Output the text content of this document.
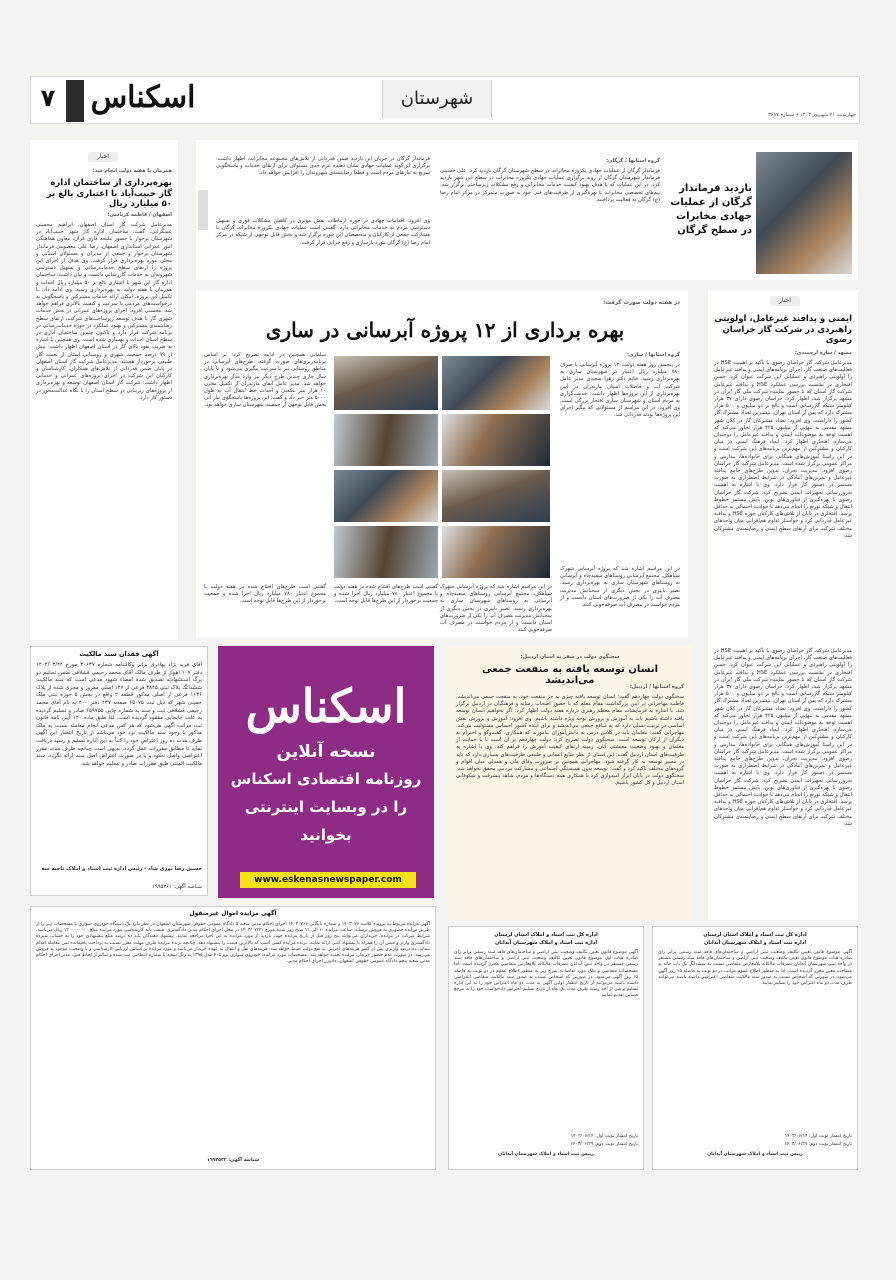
۷ اسکناس	شهرستان
چهارشنبه ۲۱ شهریور ۱۴۰۳ • شماره ۳۶۸۷
بازدید فرماندار گرگان از عملیات جهادی مخابرات در سطح گرگان
گروه استانها / گرگان:
فرماندار گرگان از عملیات جهادی یکروزه مخابرات در سطح شهرستان گرگان بازدید کرد. علی حسینی فرماندار شهرستان گرگان از روند برگزاری عملیات جهادی یکروزه مخابرات در سطح این شهر بازدید کرد. در این عملیات که با هدف بهبود کیفیت خدمات مخابراتی و رفع مشکلات زیرساختی برگزار شد، تیم‌های تخصصی مخابرات با بهره‌گیری از ظرفیت‌های فنی خود به صورت متمرکز در مرکز امام رضا (ع) گرگان به فعالیت پرداختند.
فرماندار گرگان در جریان این بازدید ضمن قدردانی از تلاش‌های مجموعه مخابرات، اظهار داشت: برگزاری این‌گونه عملیات جهادی نشان دهنده عزم جدی مسئولان برای ارتقای خدمات و پاسخگویی سریع به نیازهای مردم است و قطعا رضایتمندی شهروندان را افزایش خواهد داد.
وی افزود: اقدامات جهادی در حوزه ارتباطات نقش مؤثری در کاهش مشکلات فوری و تسهیل دسترسی مردم به خدمات مخابراتی دارد. گفتنی است عملیات جهادی یکروزه مخابرات گرگان با مشارکت جمعی از کارکنان و متخصصان این حوزه برگزار شد و بخش قابل توجهی از شبکه در مرکز امام رضا (ع) گرگان مورد بازسازی و رفع خرابی قرار گرفت.
اخبار
همزمان با هفته دولت انجام شد:
بهره‌برداری از ساختمان اداره گاز حبیب‌آباد با اعتباری بالغ بر ۵۰ میلیارد ریال
اصفهان / فاطمه کرباسی:
مدیرعامل شرکت گاز استان اصفهان، ابراهیم محسنی عسگرانی، گفت: ساختمان اداره گاز شهر حبیب‌آباد در شهرستان برخوار با حضور ملیحه قاری قرآن، معاون هماهنگی امور عمرانی استانداری اصفهان، رضا علی معصومی فرماندار شهرستان برخوار و جمعی از مدیران و مسئولان استانی و محلی مورد بهره‌برداری قرار گرفت. وی هدف از اجرای این پروژه را ارتقای سطح خدمات‌رسانی و تسهیل دسترسی شهروندان به خدمات گازرسانی دانست و بیان داشت: ساختمان اداره گاز این شهر با اعتباری بالغ بر ۵۰ میلیارد ریال احداث و هم‌زمان با هفته دولت به بهره‌برداری رسید. وی ادامه داد: با تکمیل این پروژه، امکان ارائه خدمات مشترکین و پاسخگویی به درخواست‌های مردمی با سرعت و کیفیت بالاتری فراهم خواهد شد. محسنی افزود: اجرای پروژه‌های عمرانی در بخش خدمات شهری گاز با هدف توسعه زیرساخت‌های شرکت، ارتقای سطح رضایتمندی مشترکین و بهبود عملکرد در حوزه خدمات‌رسانی در برنامه شرکت قرار دارد و تاکنون چندین ساختمان اداری در سطح استان احداث و بهسازی شده است. وی همچنین با اشاره به ضریب نفوذ بالای گاز در استان اصفهان اظهار داشت: بیش از ۹۹ درصد جمعیت شهری و روستایی استان از نعمت گاز طبیعی برخوردار هستند. مدیرعامل شرکت گاز استان اصفهان در پایان ضمن قدردانی از تلاش‌های همکاران، کارشناسان و کارکنان این شرکت در اجرای پروژه‌های عمرانی و خدماتی اظهار داشت: شرکت گاز استان اصفهان توسعه و بهره‌برداری از پروژه‌های زیربنایی در سطح استان را با نگاه عدالت‌محور در دستور کار دارد.
اخبار
ایمنی و پدافند غیرعامل، اولویتی راهبردی در شرکت گاز خراسان رضوی
مشهد / ساره ارجمندی:
مدیرعامل شرکت گاز خراسان رضوی با تأکید بر اهمیت HSE در فعالیت‌های صنعت گاز، اجرای برنامه‌های ایمنی و پدافند غیرعامل را اولویتی راهبردی و عملیاتی این شرکت عنوان کرد. حسن افتخاری در نشست بررسی عملکرد HSE و پدافند غیرعامل شرکت گاز استان که با حضور نماینده شرکت ملی گاز ایران در مشهد برگزار شد، اظهار کرد: خراسان رضوی دارای ۳۷ هزار کیلومتر شبکه گازرسانی است و بالغ بر دو میلیون و ۵۰۰ هزار مشترک دارد که پس از استان تهران، بیشترین تعداد مشترک گاز کشور را داراست. وی افزود: تعداد مشترکان گاز در کلان شهر مشهد مقدس به تنهایی از میلیون ۳۲۵ هزار تجاوز می‌کند که اهمیت توجه به موضوعات ایمنی و پدافند غیرعامل را دوچندان می‌سازد. افتخاری اظهار کرد: ایجاد فرهنگ ایمنی در میان کارکنان و مشترکین از مهم‌ترین برنامه‌های این شرکت است و در این راستا آموزش‌های همگانی برای خانواده‌ها، مدارس و مراکز عمومی برگزار شده است. مدیرعامل شرکت گاز خراسان رضوی افزود: مدیریت بحران، تدوین طرح‌های جامع پدافند غیرعامل و تمرین‌های آمادگی در شرایط اضطراری به صورت مستمر در دستور کار قرار دارد. وی با اشاره به اهمیت به‌روزرسانی تجهیزات ایمنی تصریح کرد: شرکت گاز خراسان رضوی با بهره‌گیری از فناوری‌های نوین، پایش مستمر خطوط انتقال و شبکه توزیع را انجام می‌دهد تا حوادث احتمالی به حداقل برسد. افتخاری در پایان از تلاش‌های کارکنان حوزه HSE و پدافند غیرعامل قدردانی کرد و خواستار تداوم هم‌افزایی میان واحدهای مختلف شرکت برای ارتقای سطح ایمنی و رضایتمندی مشترکان شد.
مدیرعامل شرکت گاز خراسان رضوی با تأکید بر اهمیت HSE در فعالیت‌های صنعت گاز، اجرای برنامه‌های ایمنی و پدافند غیرعامل را اولویتی راهبردی و عملیاتی این شرکت عنوان کرد. حسن افتخاری در نشست بررسی عملکرد HSE و پدافند غیرعامل شرکت گاز استان که با حضور نماینده شرکت ملی گاز ایران در مشهد برگزار شد، اظهار کرد: خراسان رضوی دارای ۳۷ هزار کیلومتر شبکه گازرسانی است و بالغ بر دو میلیون و ۵۰۰ هزار مشترک دارد که پس از استان تهران، بیشترین تعداد مشترک گاز کشور را داراست. وی افزود: تعداد مشترکان گاز در کلان شهر مشهد مقدس به تنهایی از میلیون ۳۲۵ هزار تجاوز می‌کند که اهمیت توجه به موضوعات ایمنی و پدافند غیرعامل را دوچندان می‌سازد. افتخاری اظهار کرد: ایجاد فرهنگ ایمنی در میان کارکنان و مشترکین از مهم‌ترین برنامه‌های این شرکت است و در این راستا آموزش‌های همگانی برای خانواده‌ها، مدارس و مراکز عمومی برگزار شده است. مدیرعامل شرکت گاز خراسان رضوی افزود: مدیریت بحران، تدوین طرح‌های جامع پدافند غیرعامل و تمرین‌های آمادگی در شرایط اضطراری به صورت مستمر در دستور کار قرار دارد. وی با اشاره به اهمیت به‌روزرسانی تجهیزات ایمنی تصریح کرد: شرکت گاز خراسان رضوی با بهره‌گیری از فناوری‌های نوین، پایش مستمر خطوط انتقال و شبکه توزیع را انجام می‌دهد تا حوادث احتمالی به حداقل برسد. افتخاری در پایان از تلاش‌های کارکنان حوزه HSE و پدافند غیرعامل قدردانی کرد و خواستار تداوم هم‌افزایی میان واحدهای مختلف شرکت برای ارتقای سطح ایمنی و رضایتمندی مشترکان شد.
در هفته دولت صورت گرفت:
بهره برداری از ۱۲ پروژه آبرسانی در ساری
گروه استانها / ساری:
در پنجمین روز هفته دولت، ۱۲ پروژه آبرسانی با صرف ۷۸۰ میلیارد ریال اعتبار در شهرستان ساری به بهره‌برداری رسید. خانم دکتر زهرا سعیدی مدیر عامل شرکت آب و فاضلاب استان مازندران در آیین بهره‌برداری از این پروژه‌ها اظهار داشت: خدمت‌گزاری به مردم استان و شهرستان ساری افتخار بزرگی است. وی افزود: در این مراسم از مسئولانی که پیگیر اجرای این پروژه‌ها بودند قدردانی شد.
در این مراسم اشاره شد که پروژه آبرسانی شهرک سیاهکل، مجتمع آبرسانی روستاهای سفیدچاه و آبرسانی به روستاهای شهرستان ساری به بهره‌برداری رسید. نصیر باپیری در بخش دیگری از سخنانش مدیریت مصرف آب را یکی از ضرورت‌های استان دانست و از مردم خواست در مصرف آب صرفه‌جویی کنند.
سلمانی همچنین در ادامه تصریح کرد: بر اساس برنامه‌ریزی‌های صورت گرفته، طرح‌های آبرسانی در مناطق روستایی نیز با سرعت پیگیری می‌شود و تا پایان سال جاری چندین طرح دیگر نیز وارد مدار بهره‌برداری خواهد شد. مدیر عامل آبفای مازندران از تکمیل مخزن ۱۰ هزار متر مکعبی و احداث خط انتقال آب به طول ۵۰۰۰ متر خبر داد و گفت: این پروژه‌ها پاسخگوی نیاز آبی بخش قابل توجهی از جمعیت شهرستان ساری خواهد بود.
گفتنی است طرح‌های افتتاح شده در هفته دولت با مجموع اعتبار ۷۸۰ میلیارد ریال اجرا شده و جمعیت برخوردار از این طرح‌ها قابل توجه است.
در این مراسم اشاره شد که پروژه آبرسانی شهرک سیاهکل، مجتمع آبرسانی روستاهای سفیدچاه و آبرسانی به روستاهای شهرستان ساری به بهره‌برداری رسید. نصیر باپیری در بخش دیگری از سخنانش مدیریت مصرف آب را یکی از ضرورت‌های استان دانست و از مردم خواست در مصرف آب صرفه‌جویی کنند.
گفتنی است طرح‌های افتتاح شده در هفته دولت با مجموع اعتبار ۷۸۰ میلیارد ریال اجرا شده و جمعیت برخوردار از این طرح‌ها قابل توجه است.
آگهی فقدان سند مالکیت
آقای فرید نژاد بهادری برابر وکالتنامه شماره ۳۰۶۳۷ مورخ ۱۴۰۲/۰۳/۲۴ دفتر ۱۰۷ اهواز از طرف مالک آقای محمد رحیمی قشلاقی ضمن تسلیم دو برگ استشهادیه تصدیق شده امضاء شهود مدعی است که سند مالکیت ششدانگ پلاک ثبتی ۳۸۴۵ فرعی از ۱۴۷ اصلی مفروز و مجزی شده از پلاک ۱۱۳۶ فرعی از اصلی مذکور قطعه ۲ واقع در بخش ۵ حوزه ثبتی ملک خمینی شهر که ذیل ثبت ۶۵۰۷۵ صفحه ۴۳۷ دفتر ۴۰۰ به نام آقای محمد رحیمی قشلاقی ثبت و سند به شماره چاپی ۶۵۹۷۵۵ صادر و تسلیم گردیده به علت جابجایی مفقود گردیده است. لذا طبق ماده ۱۲۰ آیین نامه قانون ثبت مراتب آگهی می‌شود که هر کس مدعی انجام معامله نسبت به ملک مذکور یا وجود سند مالکیت نزد خود می‌باشد از تاریخ انتشار این آگهی ظرف مدت ده روز اعتراض خود را کتباً به این اداره تسلیم و رسید دریافت نماید تا مطابق مقررات عمل گردد. بدیهی است چنانچه ظرف مدت مقرر اعتراضی واصل نشود و یا در صورت اعتراض اصل سند ارائه نگردد، سند مالکیت المثنی طبق مقررات صادر و تسلیم خواهد شد.
حسین رضا توری شاد - رئیس اداره ثبت اسناد و املاک ناحیه سه
شناسه آگهی: ۱۹۹۵۳۶۱
اسکناس
نسخه آنلاین
روزنامه اقتصادی اسکناس
را در وبسایت اینترنتی
بخوانید
www.eskenasnewspaper.com
سخنگوی دولت در سفر به استان اردبیل:
انسان توسعه یافته به منفعت جمعی می‌اندیشد
گروه استانها / اردبیل:
سخنگوی دولت چهاردهم گفت: انسان توسعه یافته چیزی به جز منفعت خود، به منفعت جمعی می‌اندیشد. فاطمه مهاجرانی در آیین بزرگداشت مقام معلم که با حضور اصحاب رسانه و فرهنگیان در اردبیل برگزار شد، با اشاره به فرمایشات مقام معظم رهبری درباره هفته دولت اظهار کرد: اگر بخواهیم انسان توسعه یافته داشته باشیم باید به آموزش و پرورش توجه ویژه داشته باشیم. وی افزود: آموزش و پرورش نقش اساسی در تربیت نسلی دارد که به منافع جمعی می‌اندیشد و برای آینده کشور احساس مسئولیت می‌کند. مهاجرانی گفت: معلمان باید در کلاس درس به دانش‌آموزان بیاموزند که همکاری، گفت‌وگو و احترام به دیگران از ارکان توسعه است. سخنگوی دولت تصریح کرد: دولت چهاردهم بر آن است تا با حمایت از معلمان و بهبود وضعیت معیشتی آنان، زمینه ارتقای کیفیت آموزش را فراهم کند. وی با اشاره به ظرفیت‌های استان اردبیل گفت: این استان از نظر منابع انسانی و طبیعی ظرفیت‌های بسیاری دارد که باید در مسیر توسعه به کار گرفته شود. مهاجرانی همچنین بر ضرورت وفاق ملی و همدلی میان اقوام و گروه‌های مختلف تاکید کرد و گفت: توسعه بدون همبستگی اجتماعی و مشارکت مردمی محقق نخواهد شد. سخنگوی دولت در پایان ابراز امیدواری کرد با همکاری همه دستگاه‌ها و مردم، شاهد پیشرفت و شکوفایی استان اردبیل و کل کشور باشیم.
آگهی مزایده اموال غیرمنقول
آگهی مزایده مربوط به پرونده کلاسه ۱۴۰۳۰۷۶ و شماره بایگانی ۱۴۰۲۰۷۶۶ اجرای احکام مدنی شعبه ۵ دادگاه عمومی حقوقی شهرستان اصفهان در نظر دارد یک دستگاه خودروی سواری با مشخصات زیر را از طریق مزایده حضوری به فروش برساند: ساعت مزایده ۱۰ الی ۱۱ صبح روز شنبه مورخ ۱۴۰۳/۰۷/۲۱ در محل اجرای احکام مدنی دادگستری. قیمت پایه کارشناسی مورد مزایده مبلغ ۱۲۰۰۰۰۰۰۰۰ ریال می‌باشد. شرایط شرکت در مزایده: خریداران می‌توانند پنج روز قبل از تاریخ مزایده جهت بازدید از مورد مزایده به این اجرا مراجعه نمایند. پیشنهاد دهندگان باید ده درصد مبلغ پیشنهادی خود را به حساب سپرده دادگستری واریز و فیش آن را همراه با پیشنهاد کتبی ارائه نمایند. برنده مزایده کسی است که بالاترین قیمت را پیشنهاد دهد. چنانچه برنده مزایده ظرف مهلت مقرر نسبت به پرداخت باقیمانده ثمن معامله اقدام ننماید، ده درصد واریزی پس از کسر هزینه‌های اجرایی به نفع دولت ضبط خواهد شد. هزینه‌های نقل و انتقال به عهده خریدار می‌باشد و مورد مزایده بر اساس ارزیابی کارشناسی و با وضعیت موجود به فروش می‌رسد. در صورت عدم حضور خریدار، مزایده تجدید خواهد شد. مشخصات مورد مزایده: خودروی سواری پژو ۴۰۵ مدل ۱۳۹۵ به رنگ سفید با شماره انتظامی ثبت شده و سالم از لحاظ فنی. مدیر اجرای احکام مدنی شعبه پنجم دادگاه عمومی حقوقی اصفهان. دادورز اجرای احکام مدنی.
شناسه آگهی: ۱۹۹۳۵۳۲
اداره کل ثبت اسناد و املاک استان لرستان
اداره ثبت اسناد و املاک شهرستان آبدانان
آگهی موضوع قانون تعیین تکلیف وضعیت ثبتی اراضی و ساختمان‌های فاقد سند رسمی برابر رای صادره هیات اول موضوع قانون تعیین تکلیف وضعیت ثبتی اراضی و ساختمان‌های فاقد سند رسمی مستقر در واحد ثبتی آبدانان تصرفات مالکانه بلامعارض متقاضی محرز گردیده است. لذا مشخصات متقاضی و ملک مورد تقاضا به شرح زیر به منظور اطلاع عموم در دو نوبت به فاصله ۱۵ روز آگهی می‌شود. در صورتی که اشخاص نسبت به صدور سند مالکیت متقاضی اعتراضی داشته باشند می‌توانند از تاریخ انتشار اولین آگهی به مدت دو ماه اعتراض خود را به این اداره تسلیم و پس از اخذ رسید ظرف مدت یک ماه از تاریخ تسلیم اعتراض دادخواست خود را به مرجع قضایی تقدیم نمایند.
تاریخ انتشار نوبت اول: ۱۴۰۳/۰۶/۱۴
تاریخ انتشار نوبت دوم: ۱۴۰۳/۰۶/۲۹
رییس ثبت اسناد و املاک شهرستان آبدانان
اداره کل ثبت اسناد و املاک استان لرستان
اداره ثبت اسناد و املاک شهرستان آبدانان
آگهی موضوع قانون تعیین تکلیف وضعیت ثبتی اراضی و ساختمان‌های فاقد سند رسمی برابر رای صادره هیات موضوع قانون تعیین تکلیف وضعیت ثبتی اراضی و ساختمان‌های فاقد سند رسمی مستقر در واحد ثبتی شهرستان آبدانان تصرفات مالکانه بلامعارض متقاضی نسبت به ششدانگ یک باب خانه به مساحت معین محرز گردیده است. لذا به منظور اطلاع عموم مراتب در دو نوبت به فاصله ۱۵ روز آگهی می‌شود. در صورتی که اشخاص نسبت به صدور سند مالکیت متقاضی اعتراضی داشته باشند می‌توانند ظرف مدت دو ماه اعتراض خود را تسلیم نمایند.
تاریخ انتشار نوبت اول: ۱۴۰۳/۰۶/۱۴
تاریخ انتشار نوبت دوم: ۱۴۰۳/۰۶/۲۹
رییس ثبت اسناد و املاک شهرستان آبدانان
